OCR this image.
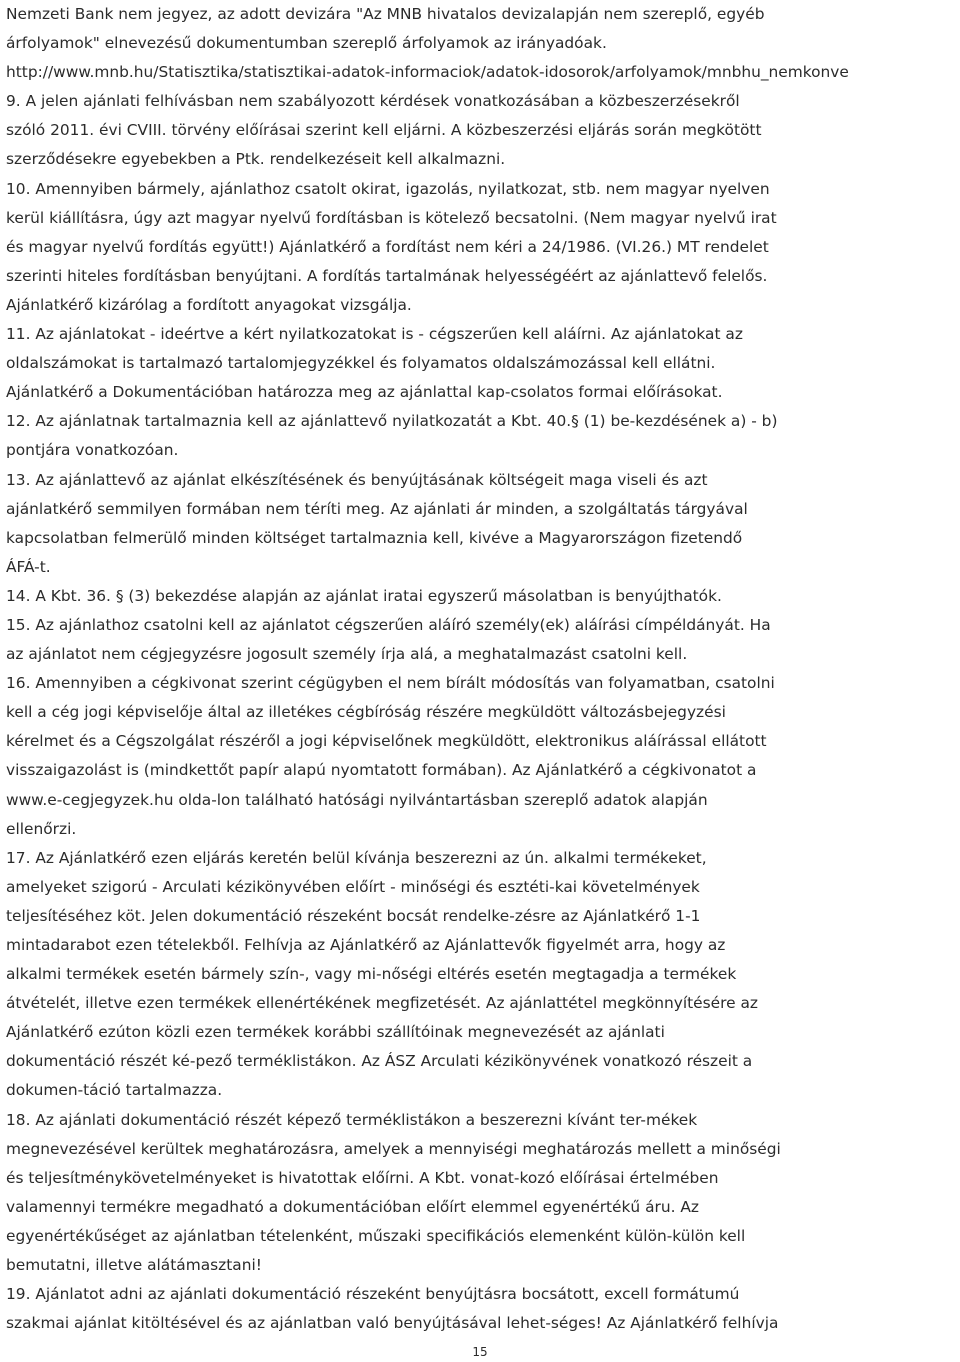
Nemzeti Bank nem jegyez, az adott devizára "Az MNB hivatalos devizalapján nem szereplő, egyéb
árfolyamok" elnevezésű dokumentumban szereplő árfolyamok az irányadóak.
http://www.mnb.hu/Statisztika/statisztikai-adatok-informaciok/adatok-idosorok/arfolyamok/mnbhu_nemkonve
9. A jelen ajánlati felhívásban nem szabályozott kérdések vonatkozásában a közbeszerzésekről
szóló 2011. évi CVIII. törvény előírásai szerint kell eljárni. A közbeszerzési eljárás során megkötött
szerződésekre egyebekben a Ptk. rendelkezéseit kell alkalmazni.
10. Amennyiben bármely, ajánlathoz csatolt okirat, igazolás, nyilatkozat, stb. nem magyar nyelven
kerül kiállításra, úgy azt magyar nyelvű fordításban is kötelező becsatolni. (Nem magyar nyelvű irat
és magyar nyelvű fordítás együtt!) Ajánlatkérő a fordítást nem kéri a 24/1986. (VI.26.) MT rendelet
szerinti hiteles fordításban benyújtani. A fordítás tartalmának helyességéért az ajánlattevő felelős.
Ajánlatkérő kizárólag a fordított anyagokat vizsgálja.
11. Az ajánlatokat - ideértve a kért nyilatkozatokat is - cégszerűen kell aláírni. Az ajánlatokat az
oldalszámokat is tartalmazó tartalomjegyzékkel és folyamatos oldalszámozással kell ellátni.
Ajánlatkérő a Dokumentációban határozza meg az ajánlattal kap-csolatos formai előírásokat.
12. Az ajánlatnak tartalmaznia kell az ajánlattevő nyilatkozatát a Kbt. 40.§ (1) be-kezdésének a) - b)
pontjára vonatkozóan.
13. Az ajánlattevő az ajánlat elkészítésének és benyújtásának költségeit maga viseli és azt
ajánlatkérő semmilyen formában nem téríti meg. Az ajánlati ár minden, a szolgáltatás tárgyával
kapcsolatban felmerülő minden költséget tartalmaznia kell, kivéve a Magyarországon fizetendő
ÁFÁ-t.
14. A Kbt. 36. § (3) bekezdése alapján az ajánlat iratai egyszerű másolatban is benyújthatók.
15. Az ajánlathoz csatolni kell az ajánlatot cégszerűen aláíró személy(ek) aláírási címpéldányát. Ha
az ajánlatot nem cégjegyzésre jogosult személy írja alá, a meghatalmazást csatolni kell.
16. Amennyiben a cégkivonat szerint cégügyben el nem bírált módosítás van folyamatban, csatolni
kell a cég jogi képviselője által az illetékes cégbíróság részére megküldött változásbejegyzési
kérelmet és a Cégszolgálat részéről a jogi képviselőnek megküldött, elektronikus aláírással ellátott
visszaigazolást is (mindkettőt papír alapú nyomtatott formában). Az Ajánlatkérő a cégkivonatot a
www.e-cegjegyzek.hu olda-lon található hatósági nyilvántartásban szereplő adatok alapján
ellenőrzi.
17. Az Ajánlatkérő ezen eljárás keretén belül kívánja beszerezni az ún. alkalmi termékeket,
amelyeket szigorú - Arculati kézikönyvében előírt - minőségi és esztéti-kai követelmények
teljesítéséhez köt. Jelen dokumentáció részeként bocsát rendelke-zésre az Ajánlatkérő 1-1
mintadarabot ezen tételekből. Felhívja az Ajánlatkérő az Ajánlattevők figyelmét arra, hogy az
alkalmi termékek esetén bármely szín-, vagy mi-nőségi eltérés esetén megtagadja a termékek
átvételét, illetve ezen termékek ellenértékének megfizetését. Az ajánlattétel megkönnyítésére az
Ajánlatkérő ezúton közli ezen termékek korábbi szállítóinak megnevezését az ajánlati
dokumentáció részét ké-pező terméklistákon. Az ÁSZ Arculati kézikönyvének vonatkozó részeit a
dokumen-táció tartalmazza.
18. Az ajánlati dokumentáció részét képező terméklistákon a beszerezni kívánt ter-mékek
megnevezésével kerültek meghatározásra, amelyek a mennyiségi meghatározás mellett a minőségi
és teljesítménykövetelményeket is hivatottak előírni. A Kbt. vonat-kozó előírásai értelmében
valamennyi termékre megadható a dokumentációban előírt elemmel egyenértékű áru. Az
egyenértékűséget az ajánlatban tételenként, műszaki specifikációs elemenként külön-külön kell
bemutatni, illetve alátámasztani!
19. Ajánlatot adni az ajánlati dokumentáció részeként benyújtásra bocsátott, excell formátumú
szakmai ajánlat kitöltésével és az ajánlatban való benyújtásával lehet-séges! Az Ajánlatkérő felhívja
15
